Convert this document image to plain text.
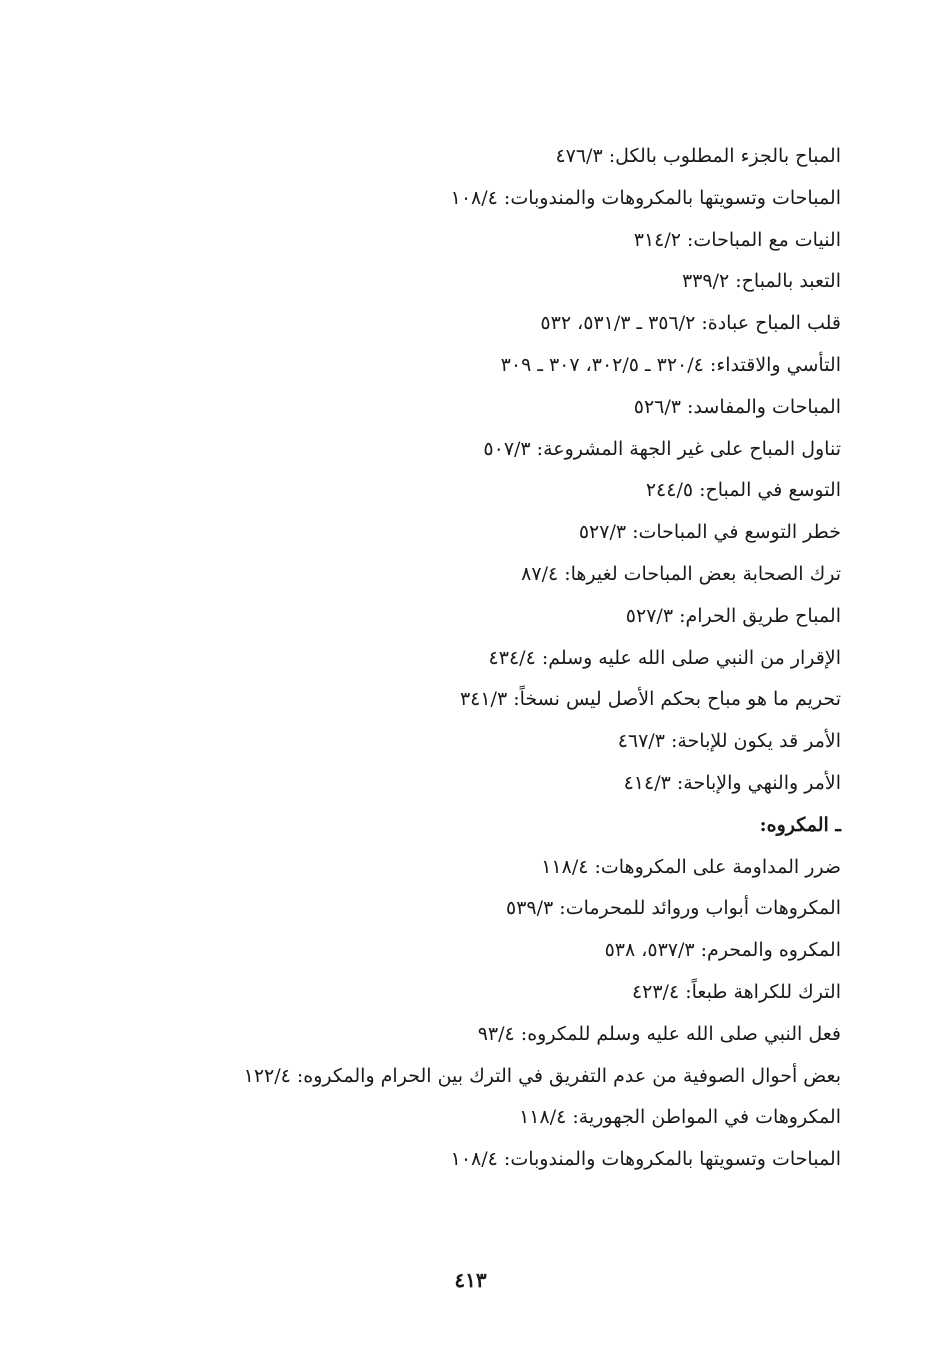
المباح بالجزء المطلوب بالكل: ٤٧٦/٣
المباحات وتسويتها بالمكروهات والمندوبات: ١٠٨/٤
النيات مع المباحات: ٣١٤/٢
التعبد بالمباح: ٣٣٩/٢
قلب المباح عبادة: ٣٥٦/٢ ـ ٥٣١/٣، ٥٣٢
التأسي والاقتداء: ٣٢٠/٤ ـ ٣٠٢/٥، ٣٠٧ ـ ٣٠٩
المباحات والمفاسد: ٥٢٦/٣
تناول المباح على غير الجهة المشروعة: ٥٠٧/٣
التوسع في المباح: ٢٤٤/٥
خطر التوسع في المباحات: ٥٢٧/٣
ترك الصحابة بعض المباحات لغيرها: ٨٧/٤
المباح طريق الحرام: ٥٢٧/٣
الإقرار من النبي صلى الله عليه وسلم: ٤٣٤/٤
تحريم ما هو مباح بحكم الأصل ليس نسخاً: ٣٤١/٣
الأمر قد يكون للإباحة: ٤٦٧/٣
الأمر والنهي والإباحة: ٤١٤/٣
ـ المكروه:
ضرر المداومة على المكروهات: ١١٨/٤
المكروهات أبواب وروائد للمحرمات: ٥٣٩/٣
المكروه والمحرم: ٥٣٧/٣، ٥٣٨
الترك للكراهة طبعاً: ٤٢٣/٤
فعل النبي صلى الله عليه وسلم للمكروه: ٩٣/٤
بعض أحوال الصوفية من عدم التفريق في الترك بين الحرام والمكروه: ١٢٢/٤
المكروهات في المواطن الجهورية: ١١٨/٤
المباحات وتسويتها بالمكروهات والمندوبات: ١٠٨/٤
٤١٣
